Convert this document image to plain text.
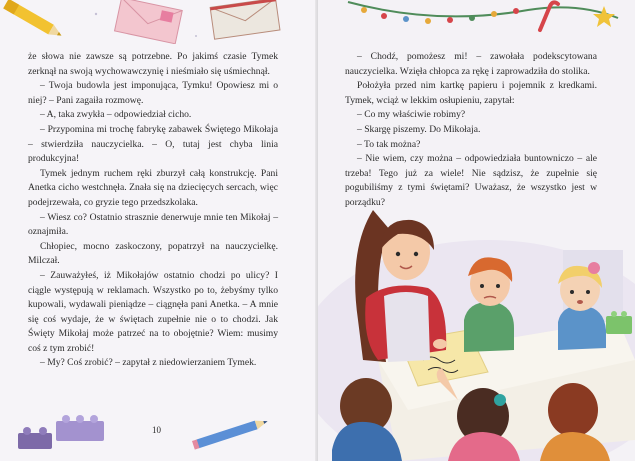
że słowa nie zawsze są potrzebne. Po jakimś czasie Tymek zerknął na swoją wychowawczynię i nieśmiało się uśmiechnął.

– Twoja budowla jest imponująca, Tymku! Opowiesz mi o niej? – Pani zagaiła rozmowę.

– A, taka zwykła – odpowiedział cicho.

– Przypomina mi trochę fabrykę zabawek Świętego Mikołaja – stwierdziła nauczycielka. – O, tutaj jest chyba linia produkcyjna!

Tymek jednym ruchem ręki zburzył całą konstrukcję. Pani Anetka cicho westchnęła. Znała się na dziecięcych sercach, więc podejrzewała, co gryzie tego przedszkolaka.

– Wiesz co? Ostatnio strasznie denerwuje mnie ten Mikołaj – oznajmiła.

Chłopiec, mocno zaskoczony, popatrzył na nauczycielkę. Milczał.

– Zauważyłeś, iż Mikołajów ostatnio chodzi po ulicy? I ciągle występują w reklamach. Wszystko po to, żebyśmy tylko kupowali, wydawali pieniądze – ciągnęła pani Anetka. – A mnie się coś wydaje, że w świętach zupełnie nie o to chodzi. Jak Święty Mikołaj może patrzeć na to obojętnie? Wiem: musimy coś z tym zrobić!

– My? Coś zrobić? – zapytał z niedowierzaniem Tymek.

10

– Chodź, pomożesz mi! – zawołała podekscytowana nauczycielka. Wzięła chłopca za rękę i zaprowadziła do stolika.

Położyła przed nim kartkę papieru i pojemnik z kredkami. Tymek, wciąż w lekkim osłupieniu, zapytał:

– Co my właściwie robimy?

– Skargę piszemy. Do Mikołaja.

– To tak można?

– Nie wiem, czy można – odpowiedziała buntowniczo – ale trzeba! Tego już za wiele! Nie sądzisz, że zupełnie się pogubiliśmy z tymi świętami? Uważasz, że wszystko jest w porządku?
